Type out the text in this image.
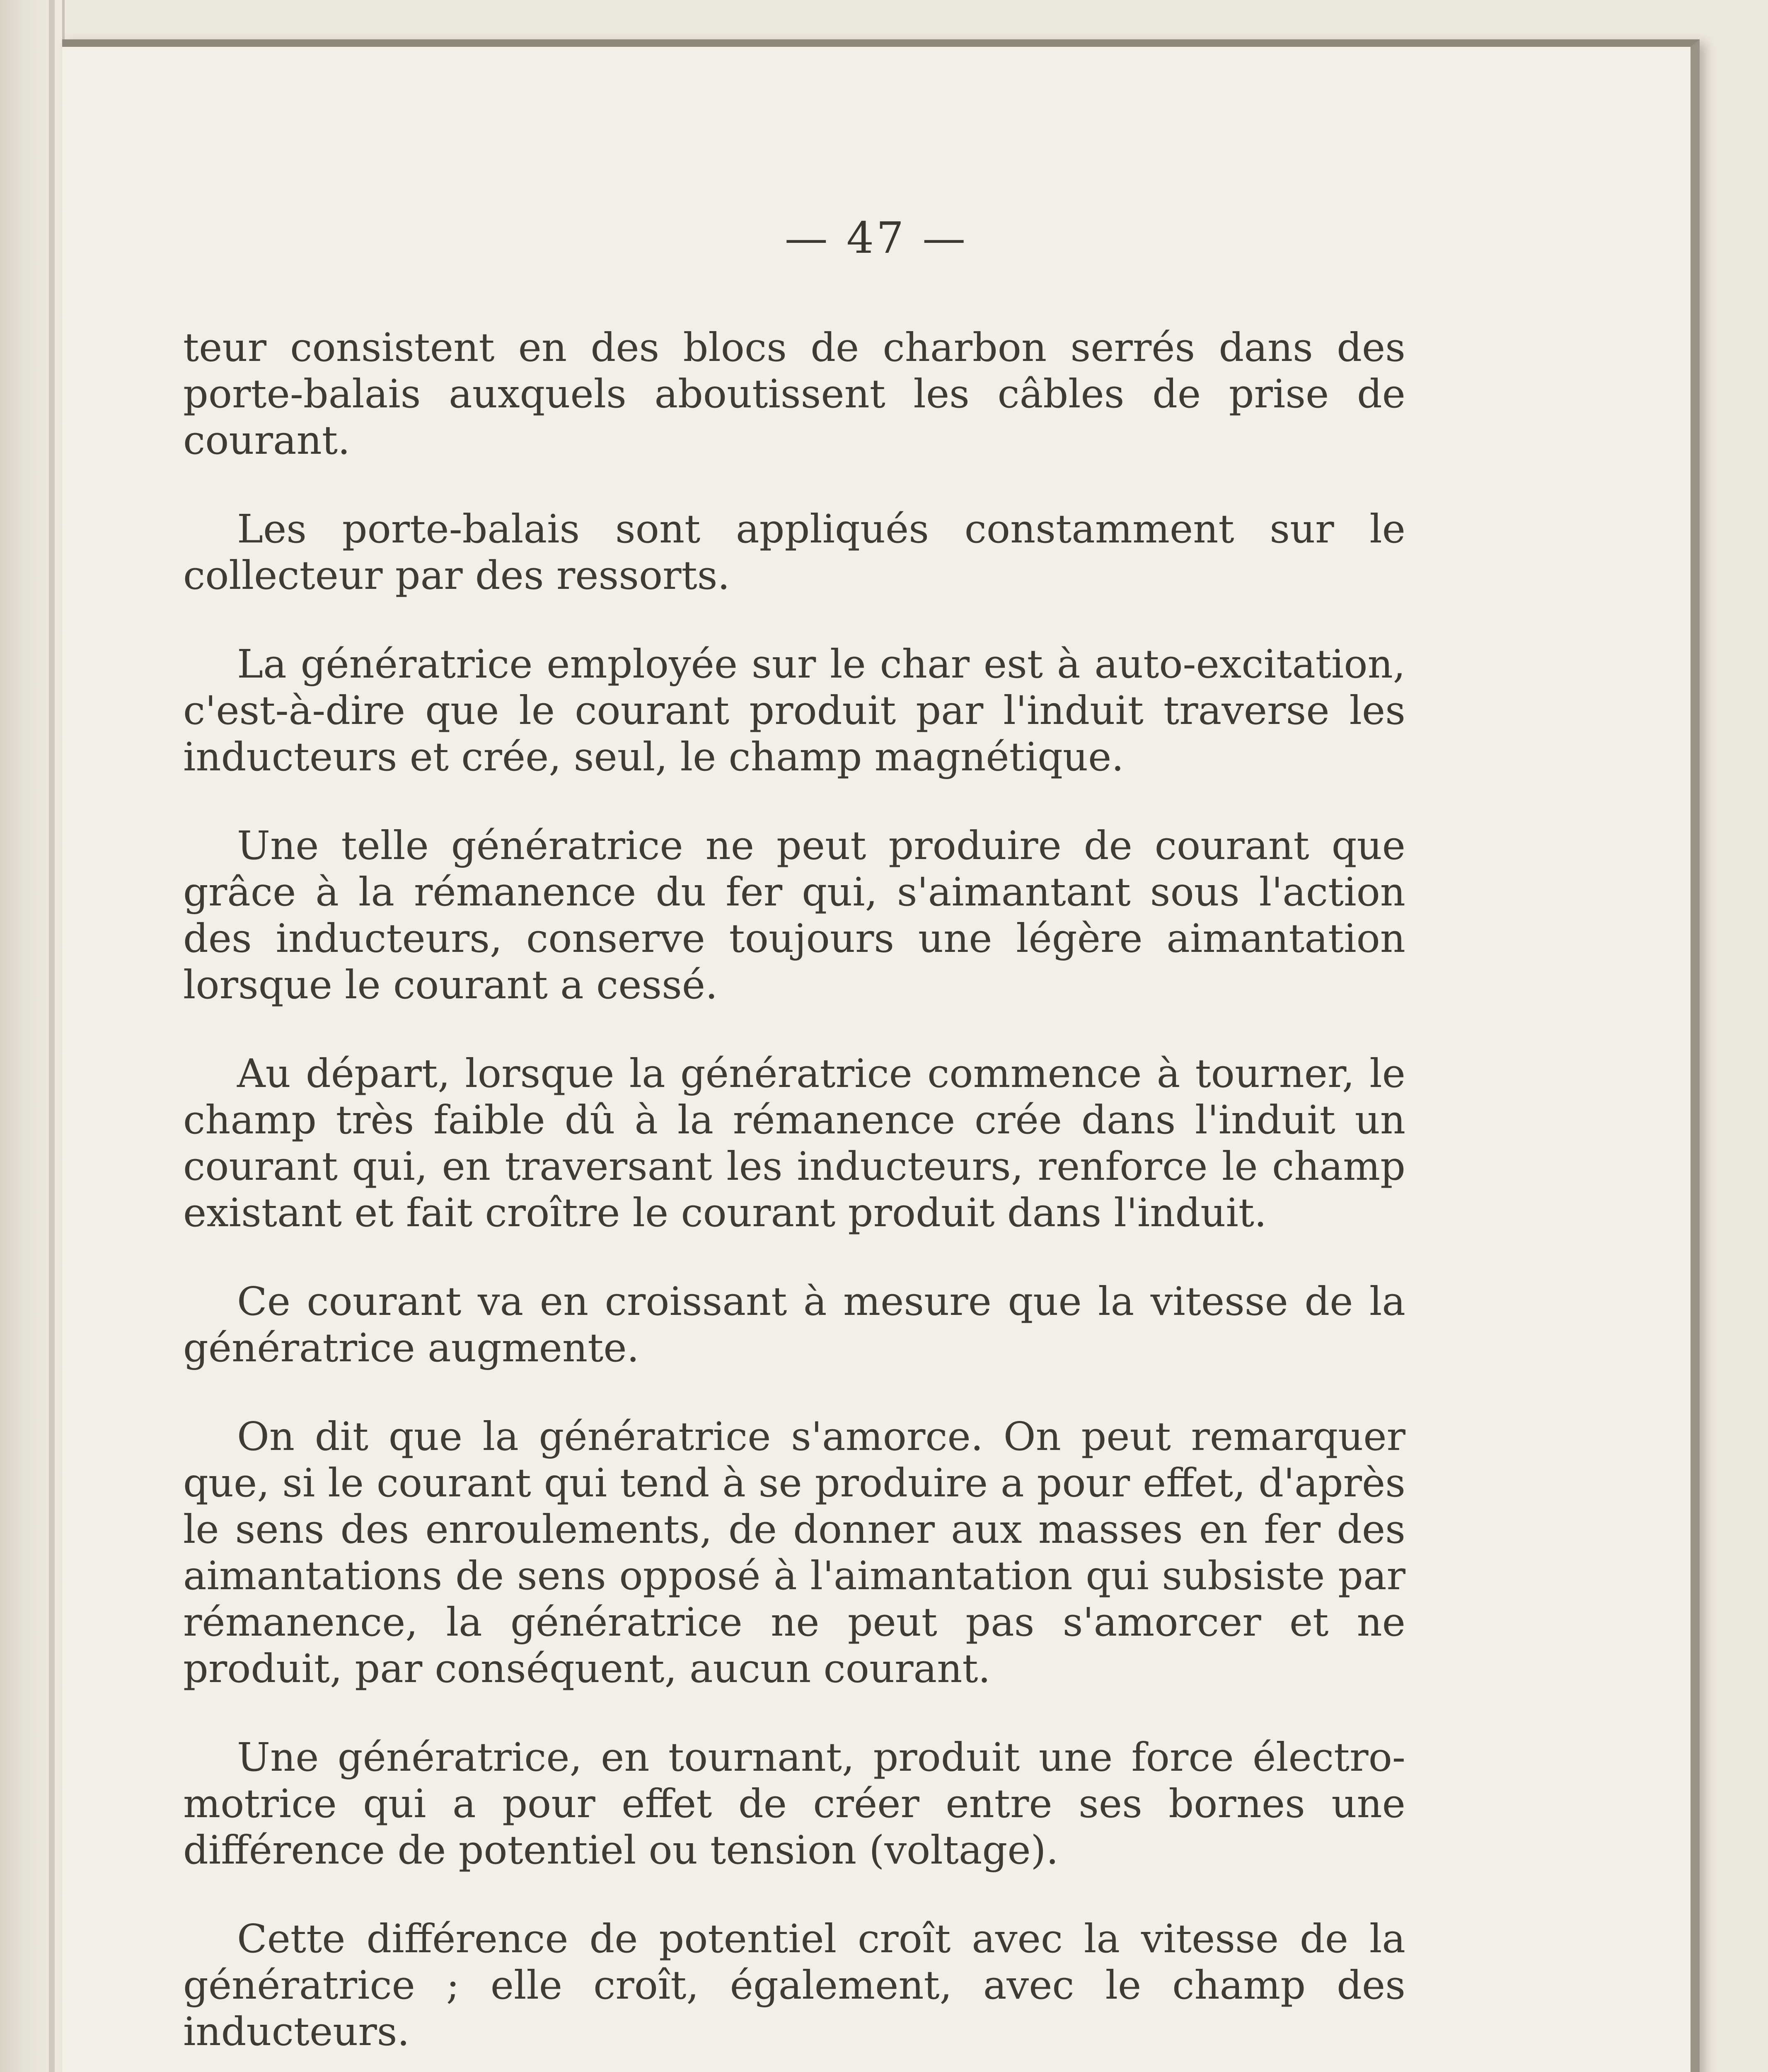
— 47 —

teur consistent en des blocs de charbon serrés dans des porte-balais auxquels aboutissent les câbles de prise de courant.

Les porte-balais sont appliqués constamment sur le collecteur par des ressorts.

La génératrice employée sur le char est à auto-excitation, c'est-à-dire que le courant produit par l'induit traverse les inducteurs et crée, seul, le champ magnétique.

Une telle génératrice ne peut produire de courant que grâce à la rémanence du fer qui, s'aimantant sous l'action des inducteurs, conserve toujours une légère aimantation lorsque le courant a cessé.

Au départ, lorsque la génératrice commence à tourner, le champ très faible dû à la rémanence crée dans l'induit un courant qui, en traversant les inducteurs, renforce le champ existant et fait croître le courant produit dans l'induit.

Ce courant va en croissant à mesure que la vitesse de la génératrice augmente.

On dit que la génératrice s'amorce. On peut remarquer que, si le courant qui tend à se produire a pour effet, d'après le sens des enroulements, de donner aux masses en fer des aimantations de sens opposé à l'aimantation qui subsiste par rémanence, la génératrice ne peut pas s'amorcer et ne produit, par conséquent, aucun courant.

Une génératrice, en tournant, produit une force électro-motrice qui a pour effet de créer entre ses bornes une différence de potentiel ou tension (voltage).

Cette différence de potentiel croît avec la vitesse de la génératrice ; elle croît, également, avec le champ des inducteurs.
